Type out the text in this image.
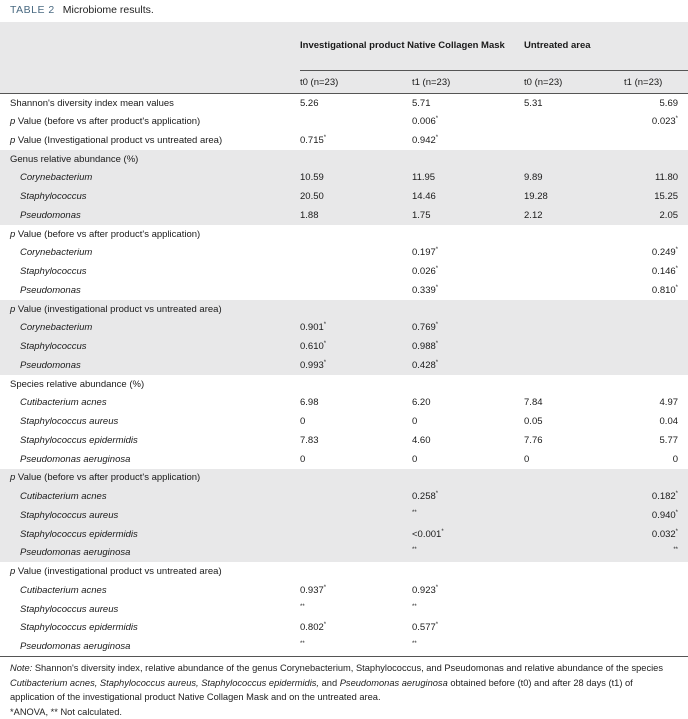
TABLE 2 Microbiome results.
	Investigational product Native Collagen Mask		Untreated area	
	t0 (n=23)	t1 (n=23)	t0 (n=23)	t1 (n=23)
Shannon's diversity index mean values	5.26	5.71	5.31	5.69
p Value (before vs after product's application)		0.006*		0.023*
p Value (Investigational product vs untreated area)	0.715*	0.942*		
Genus relative abundance (%)				
Corynebacterium	10.59	11.95	9.89	11.80
Staphylococcus	20.50	14.46	19.28	15.25
Pseudomonas	1.88	1.75	2.12	2.05
p Value (before vs after product's application)				
Corynebacterium		0.197*		0.249*
Staphylococcus		0.026*		0.146*
Pseudomonas		0.339*		0.810*
p Value (investigational product vs untreated area)				
Corynebacterium	0.901*	0.769*		
Staphylococcus	0.610*	0.988*		
Pseudomonas	0.993*	0.428*		
Species relative abundance (%)				
Cutibacterium acnes	6.98	6.20	7.84	4.97
Staphylococcus aureus	0	0	0.05	0.04
Staphylococcus epidermidis	7.83	4.60	7.76	5.77
Pseudomonas aeruginosa	0	0	0	0
p Value (before vs after product's application)				
Cutibacterium acnes		0.258*		0.182*
Staphylococcus aureus		**		0.940*
Staphylococcus epidermidis		<0.001*		0.032*
Pseudomonas aeruginosa		**		**
p Value (investigational product vs untreated area)				
Cutibacterium acnes	0.937*	0.923*		
Staphylococcus aureus	**	**		
Staphylococcus epidermidis	0.802*	0.577*		
Pseudomonas aeruginosa	**	**		
Note: Shannon's diversity index, relative abundance of the genus Corynebacterium, Staphylococcus, and Pseudomonas and relative abundance of the species Cutibacterium acnes, Staphylococcus aureus, Staphylococcus epidermidis, and Pseudomonas aeruginosa obtained before (t0) and after 28 days (t1) of application of the investigational product Native Collagen Mask and on the untreated area.
*ANOVA, ** Not calculated.
